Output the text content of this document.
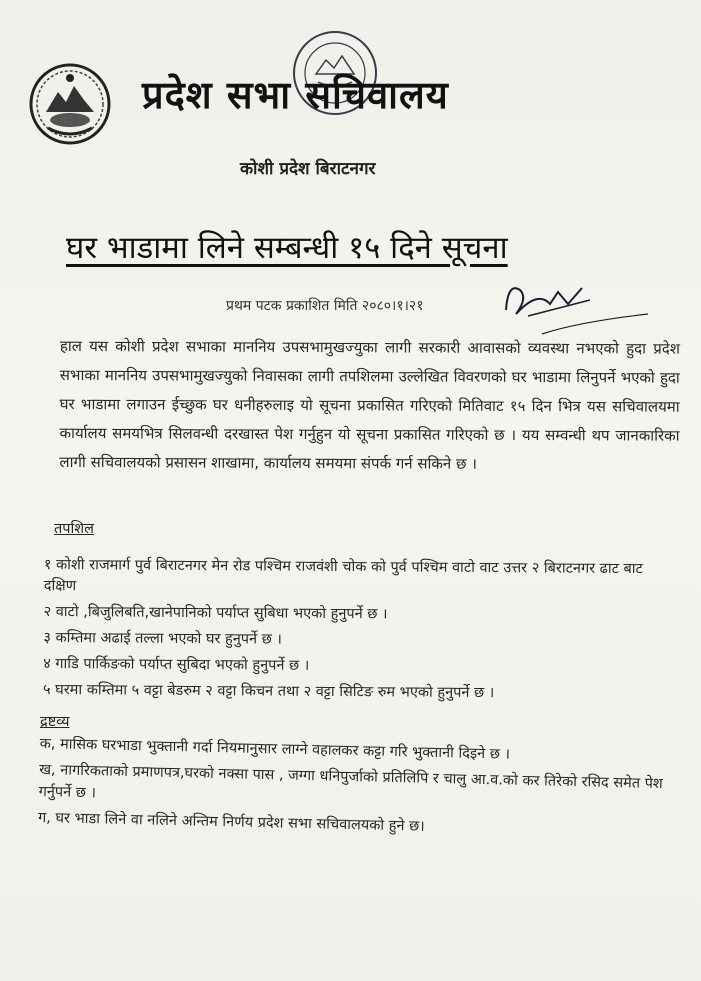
प्रदेश सभा सचिवालय
कोशी प्रदेश बिराटनगर
घर भाडामा लिने सम्बन्धी १५ दिने सूचना
प्रथम पटक प्रकाशित मिति २०८०।१।२१
हाल यस कोशी प्रदेश सभाका माननिय उपसभामुखज्युका लागी सरकारी आवासको व्यवस्था नभएको हुदा प्रदेश सभाका माननिय उपसभामुखज्युको निवासका लागी तपशिलमा उल्लेखित विवरणको घर भाडामा लिनुपर्ने भएको हुदा घर भाडामा लगाउन ईच्छुक घर धनीहरुलाइ यो सूचना प्रकासित गरिएको मितिवाट १५ दिन भित्र यस सचिवालयमा कार्यालय समयभित्र सिलवन्धी दरखास्त पेश गर्नुहुन यो सूचना प्रकासित गरिएको छ । यय सम्वन्धी थप जानकारिका लागी सचिवालयको प्रसासन शाखामा, कार्यालय समयमा संपर्क गर्न सकिने छ ।
तपशिल
१ कोशी राजमार्ग पुर्व बिराटनगर मेन रोड पश्चिम राजवंशी चोक को पुर्व पश्चिम वाटो वाट उत्तर २ बिराटनगर ढाट बाट दक्षिण
२ वाटो ,बिजुलिबति,खानेपानिको पर्याप्त सुबिधा भएको हुनुपर्ने छ ।
३ कम्तिमा अढाई तल्ला भएको घर हुनुपर्ने छ ।
४ गाडि पार्किङको पर्याप्त सुबिदा भएको हुनुपर्ने छ ।
५ घरमा कम्तिमा ५ वट्टा बेडरुम २ वट्टा किचन तथा २ वट्टा सिटिङ रुम भएको हुनुपर्ने छ ।
द्रष्टव्य
क, मासिक घरभाडा भुक्तानी गर्दा नियमानुसार लाग्ने वहालकर कट्टा गरि भुक्तानी दिइने छ ।
ख, नागरिकताको प्रमाणपत्र,घरको नक्सा पास , जग्गा धनिपुर्जाको प्रतिलिपि र चालु आ.व.को कर तिरेको रसिद समेत पेश गर्नुपर्ने छ ।
ग, घर भाडा लिने वा नलिने अन्तिम निर्णय प्रदेश सभा सचिवालयको हुने छ।
